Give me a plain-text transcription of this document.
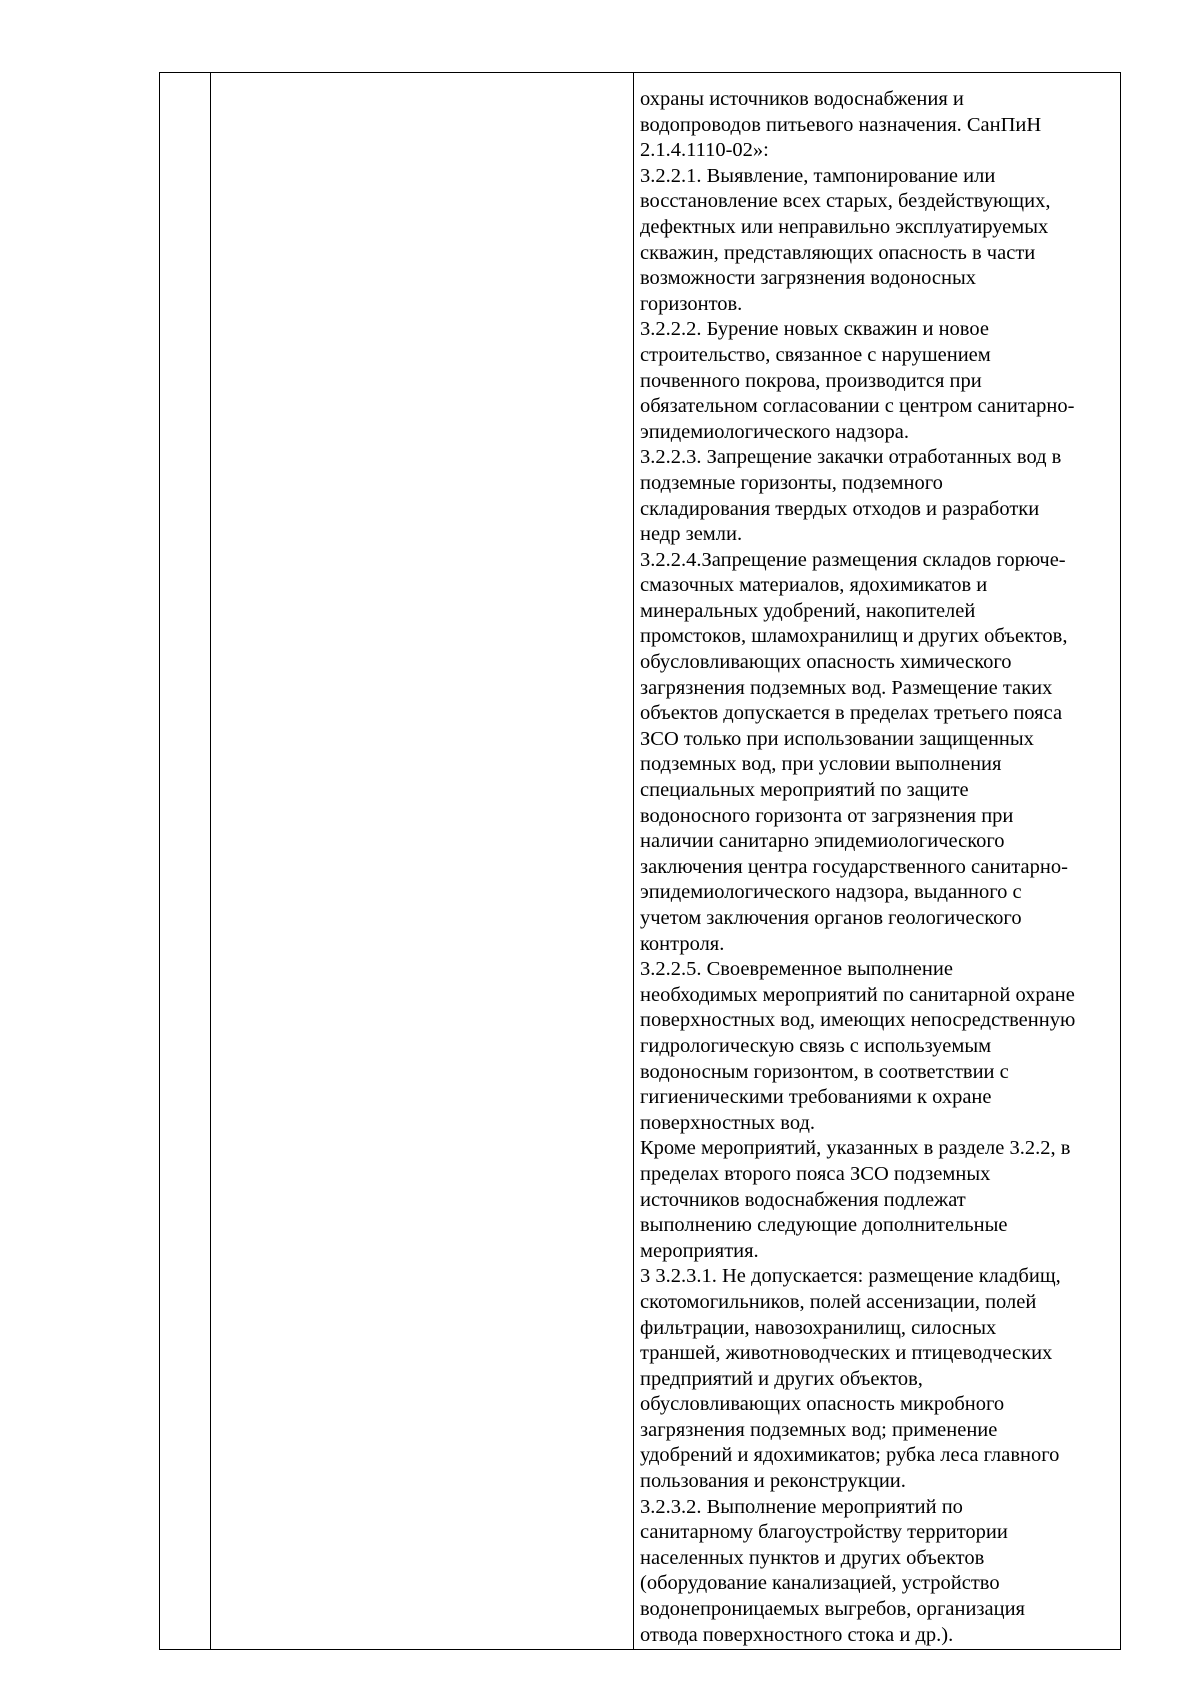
охраны источников водоснабжения и
водопроводов питьевого назначения. СанПиН
2.1.4.1110-02»:
3.2.2.1. Выявление, тампонирование или
восстановление всех старых, бездействующих,
дефектных или неправильно эксплуатируемых
скважин, представляющих опасность в части
возможности загрязнения водоносных
горизонтов.
3.2.2.2. Бурение новых скважин и новое
строительство, связанное с нарушением
почвенного покрова, производится при
обязательном согласовании с центром санитарно-
эпидемиологического надзора.
3.2.2.3. Запрещение закачки отработанных вод в
подземные горизонты, подземного
складирования твердых отходов и разработки
недр земли.
3.2.2.4.Запрещение размещения складов горюче-
смазочных материалов, ядохимикатов и
минеральных удобрений, накопителей
промстоков, шламохранилищ и других объектов,
обусловливающих опасность химического
загрязнения подземных вод. Размещение таких
объектов допускается в пределах третьего пояса
ЗСО только при использовании защищенных
подземных вод, при условии выполнения
специальных мероприятий по защите
водоносного горизонта от загрязнения при
наличии санитарно эпидемиологического
заключения центра государственного санитарно-
эпидемиологического надзора, выданного с
учетом заключения органов геологического
контроля.
3.2.2.5. Своевременное выполнение
необходимых мероприятий по санитарной охране
поверхностных вод, имеющих непосредственную
гидрологическую связь с используемым
водоносным горизонтом, в соответствии с
гигиеническими требованиями к охране
поверхностных вод.
Кроме мероприятий, указанных в разделе 3.2.2, в
пределах второго пояса ЗСО подземных
источников водоснабжения подлежат
выполнению следующие дополнительные
мероприятия.
3 3.2.3.1. Не допускается: размещение кладбищ,
скотомогильников, полей ассенизации, полей
фильтрации, навозохранилищ, силосных
траншей, животноводческих и птицеводческих
предприятий и других объектов,
обусловливающих опасность микробного
загрязнения подземных вод; применение
удобрений и ядохимикатов; рубка леса главного
пользования и реконструкции.
3.2.3.2. Выполнение мероприятий по
санитарному благоустройству территории
населенных пунктов и других объектов
(оборудование канализацией, устройство
водонепроницаемых выгребов, организация
отвода поверхностного стока и др.).
